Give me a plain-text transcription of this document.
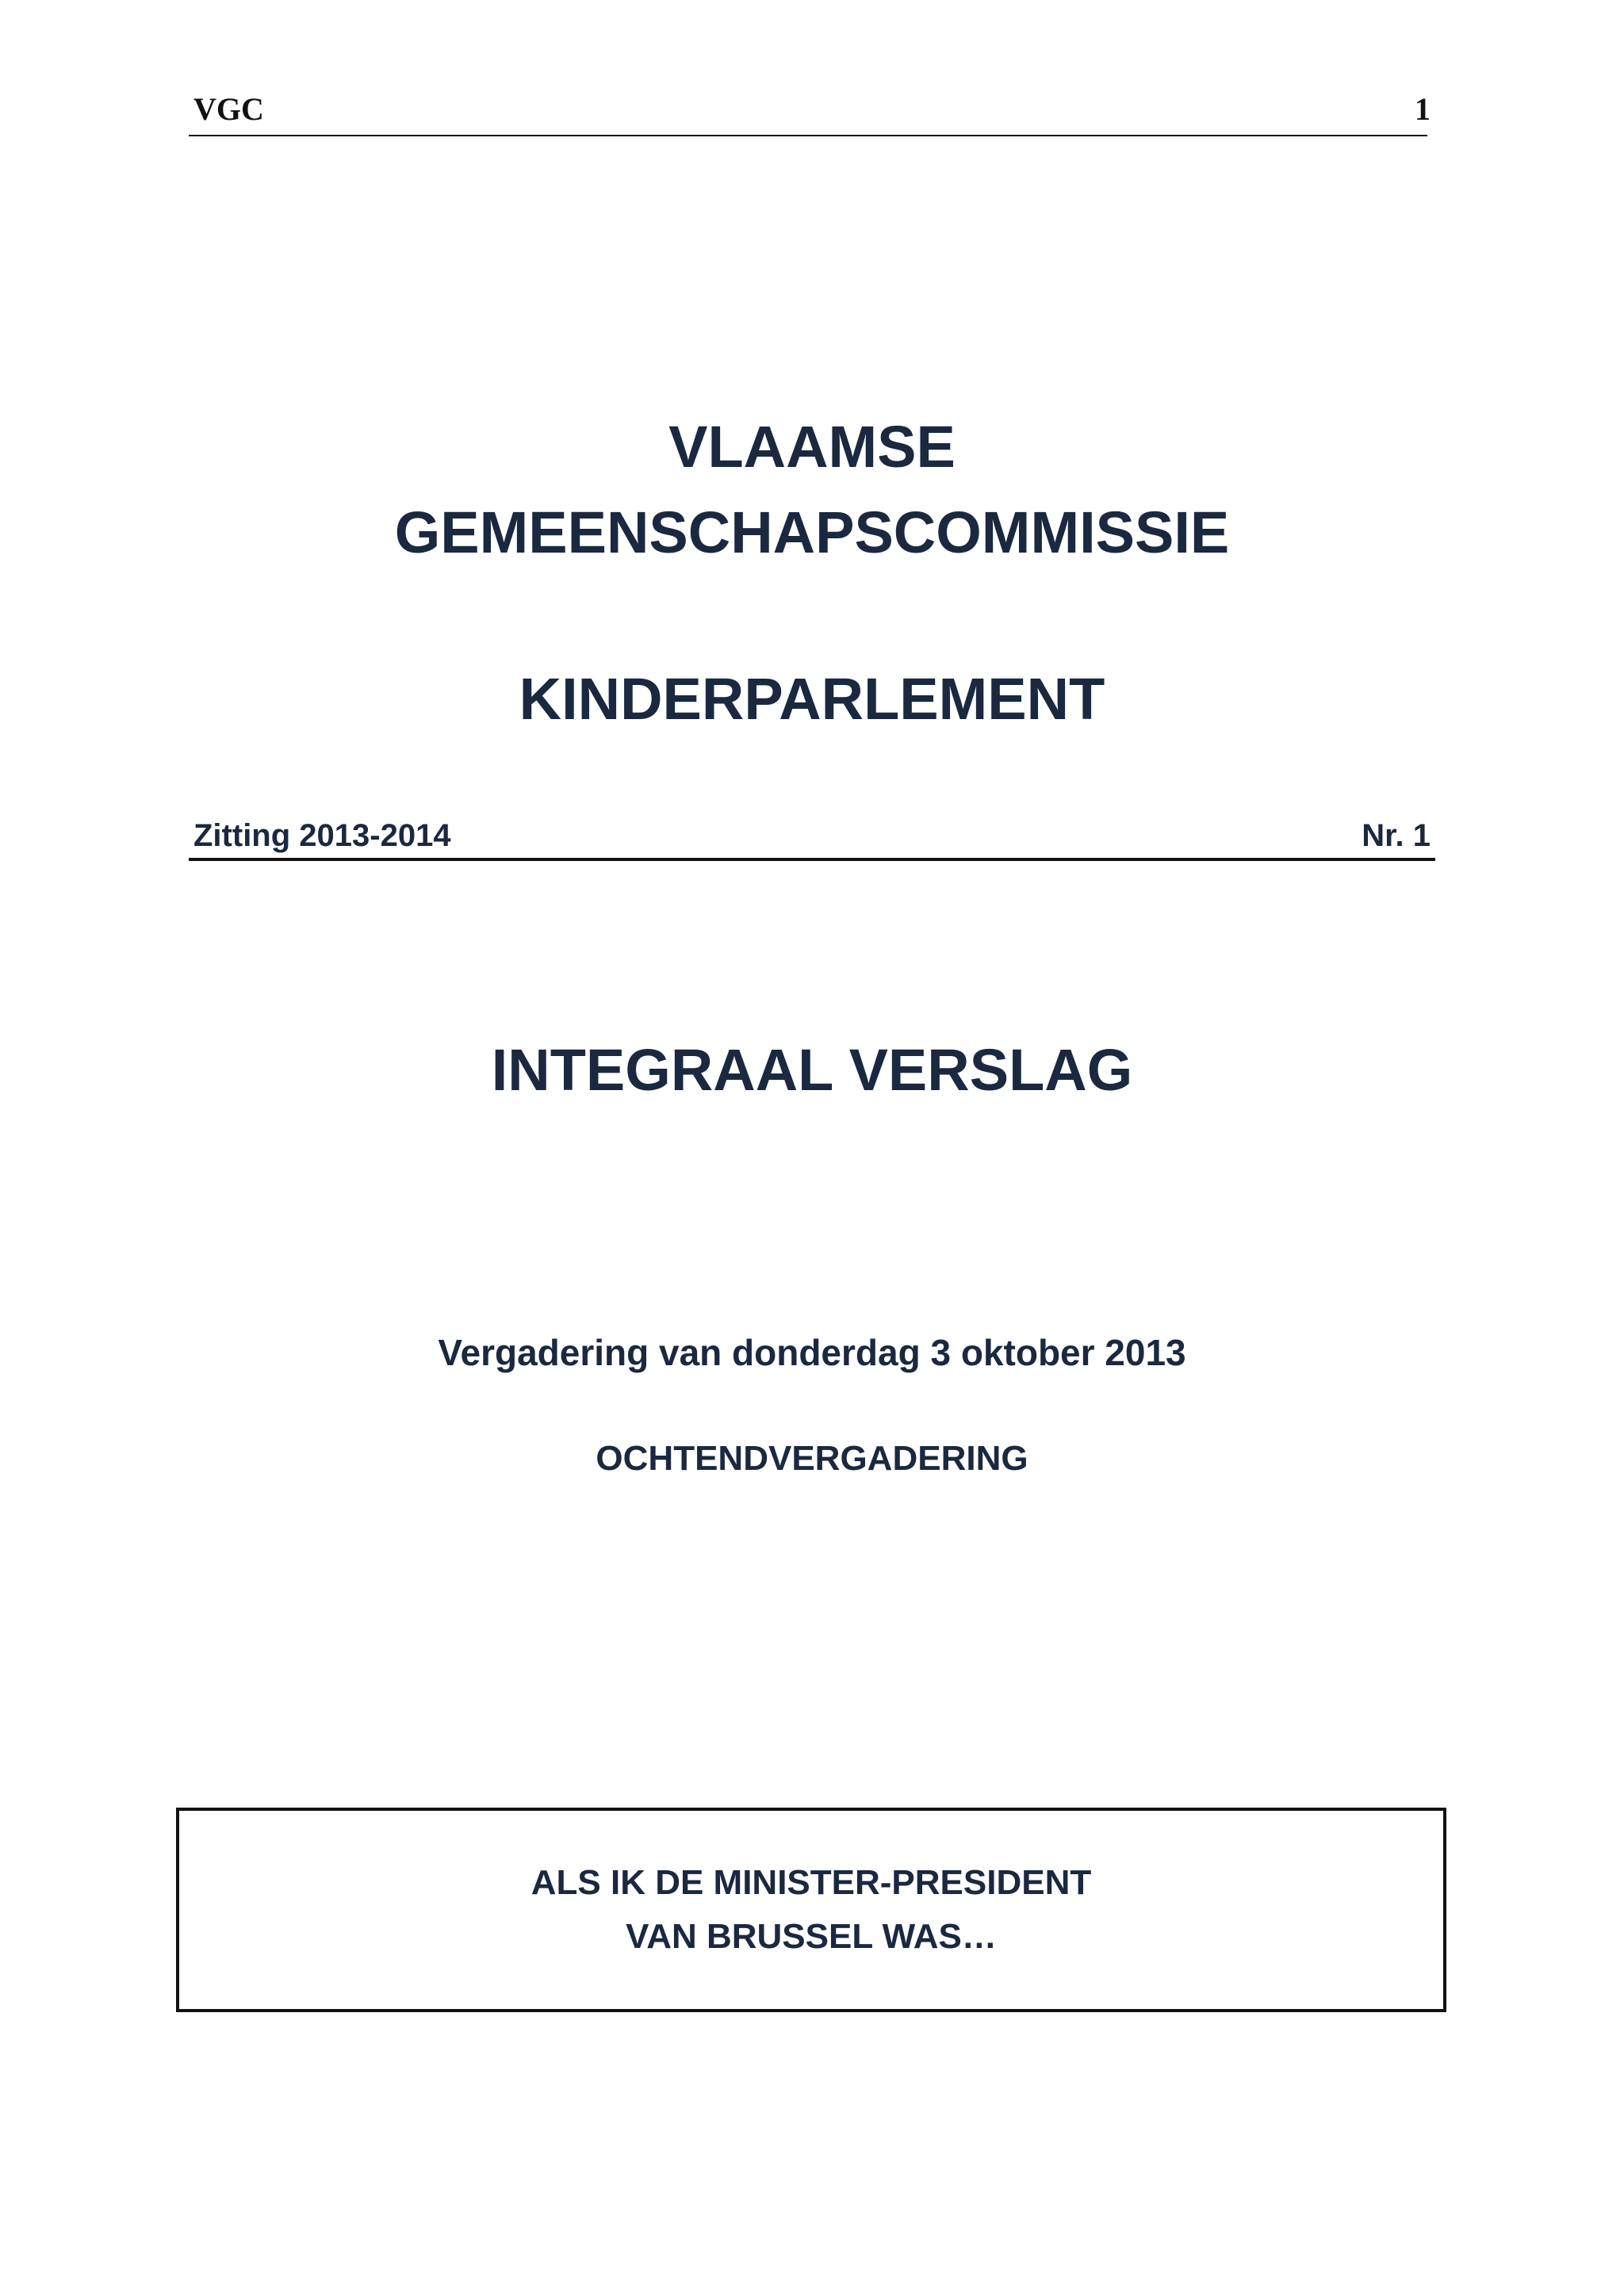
VGC	1
VLAAMSE
GEMEENSCHAPSCOMMISSIE
KINDERPARLEMENT
Zitting 2013-2014	Nr. 1
INTEGRAAL VERSLAG
Vergadering van donderdag 3 oktober 2013
OCHTENDVERGADERING
ALS IK DE MINISTER-PRESIDENT
VAN BRUSSEL WAS…
